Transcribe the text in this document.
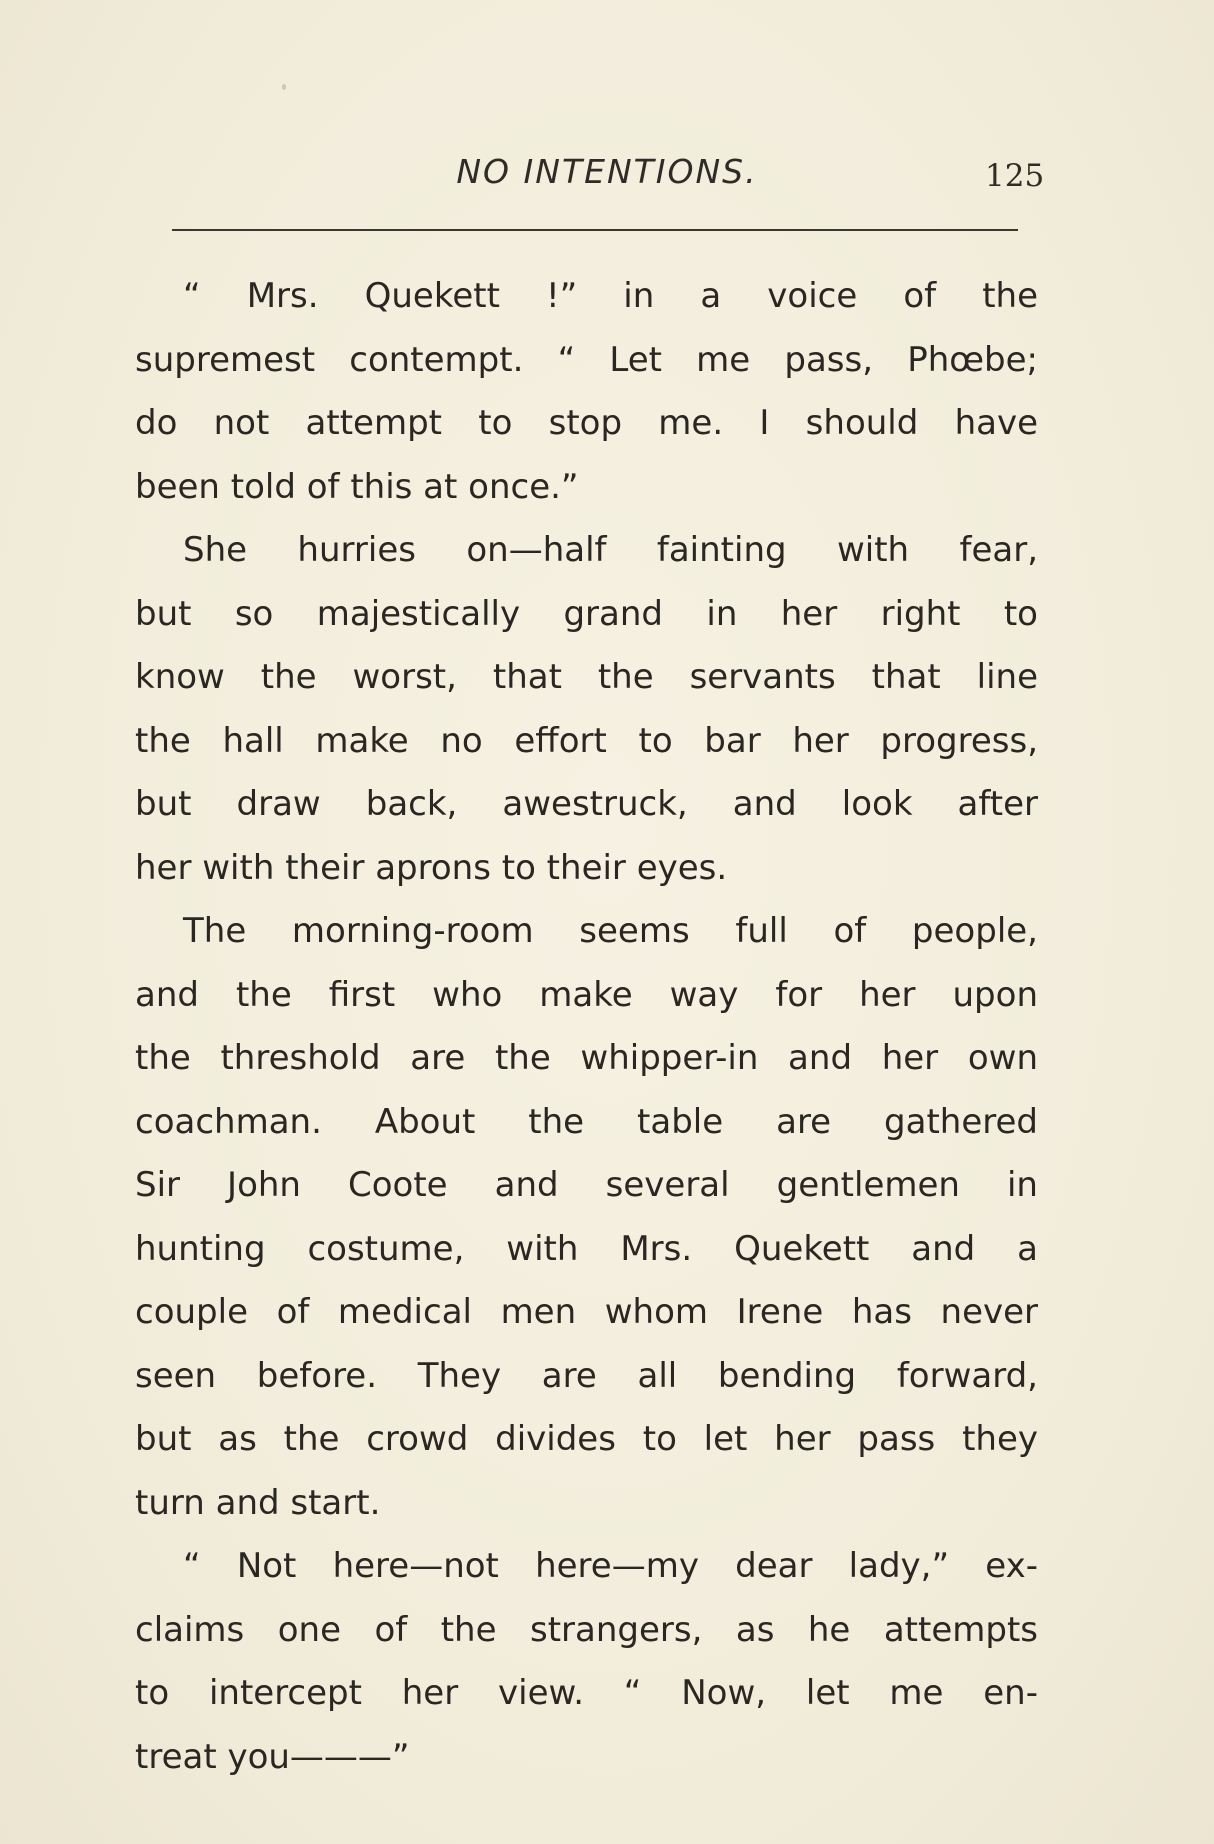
NO INTENTIONS.	125
“ Mrs. Quekett !” in a voice of the
supremest contempt. “ Let me pass, Phœbe;
do not attempt to stop me. I should have
been told of this at once.”
She hurries on—half fainting with fear,
but so majestically grand in her right to
know the worst, that the servants that line
the hall make no effort to bar her progress,
but draw back, awestruck, and look after
her with their aprons to their eyes.
The morning-room seems full of people,
and the first who make way for her upon
the threshold are the whipper-in and her own
coachman. About the table are gathered
Sir John Coote and several gentlemen in
hunting costume, with Mrs. Quekett and a
couple of medical men whom Irene has never
seen before. They are all bending forward,
but as the crowd divides to let her pass they
turn and start.
“ Not here—not here—my dear lady,” ex-
claims one of the strangers, as he attempts
to intercept her view. “ Now, let me en-
treat you———”
